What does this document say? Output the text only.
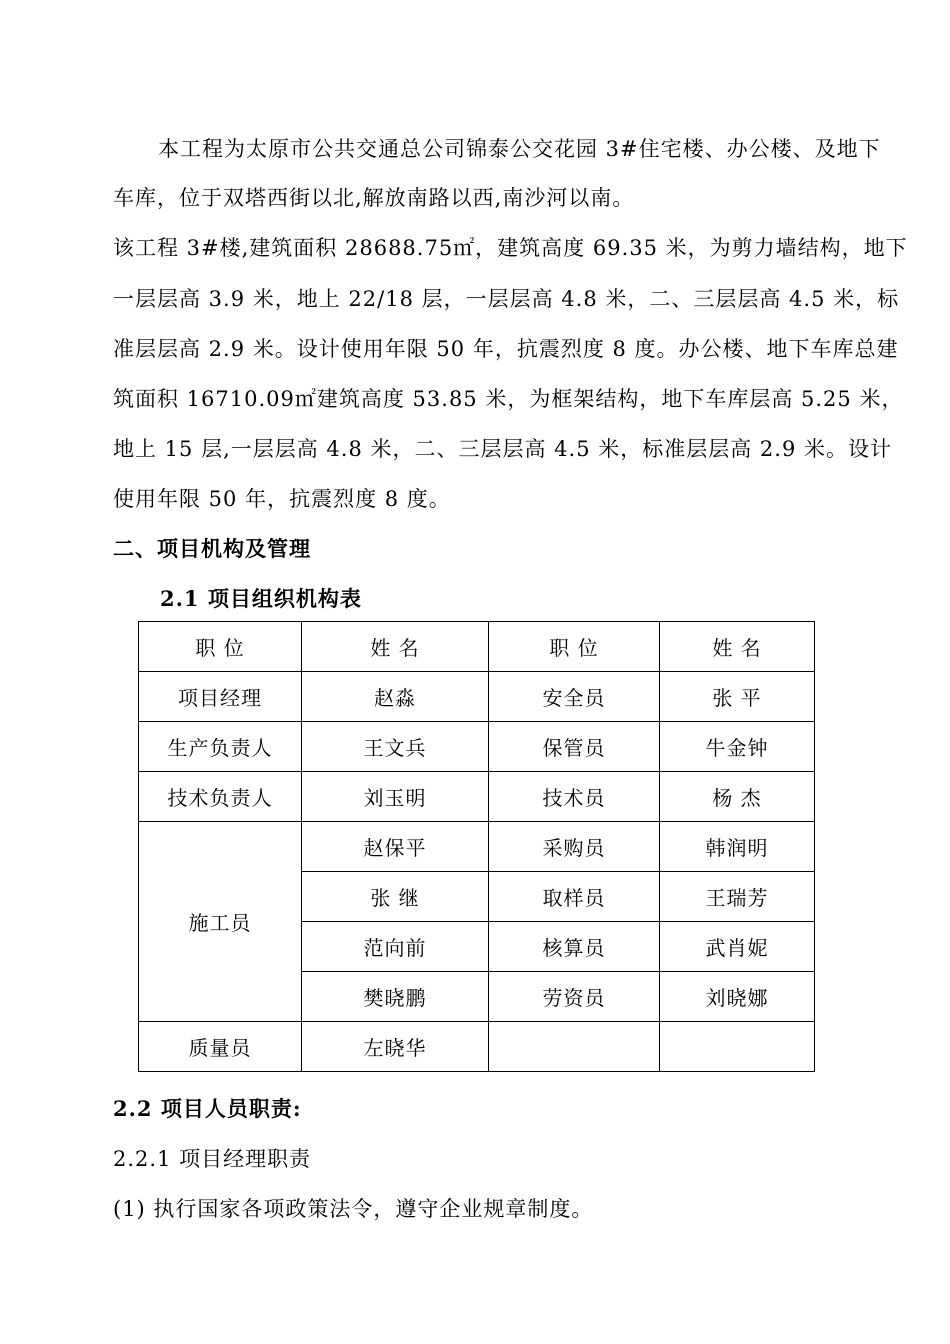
本工程为太原市公共交通总公司锦泰公交花园 3#住宅楼、办公楼、及地下
车库，位于双塔西街以北,解放南路以西,南沙河以南。
该工程 3#楼,建筑面积 28688.75㎡，建筑高度 69.35 米，为剪力墙结构，地下
一层层高 3.9 米，地上 22/18 层，一层层高 4.8 米，二、三层层高 4.5 米，标
准层层高 2.9 米。设计使用年限 50 年，抗震烈度 8 度。办公楼、地下车库总建
筑面积 16710.09㎡建筑高度 53.85 米，为框架结构，地下车库层高 5.25 米，
地上 15 层,一层层高 4.8 米，二、三层层高 4.5 米，标准层层高 2.9 米。设计
使用年限 50 年，抗震烈度 8 度。
二、项目机构及管理
2.1 项目组织机构表
职 位	姓 名	职 位	姓 名
项目经理	赵淼	安全员	张 平
生产负责人	王文兵	保管员	牛金钟
技术负责人	刘玉明	技术员	杨 杰
施工员	赵保平	采购员	韩润明
	张 继	取样员	王瑞芳
	范向前	核算员	武肖妮
	樊晓鹏	劳资员	刘晓娜
质量员	左晓华		
2.2 项目人员职责:
2.2.1 项目经理职责
(1) 执行国家各项政策法令，遵守企业规章制度。
